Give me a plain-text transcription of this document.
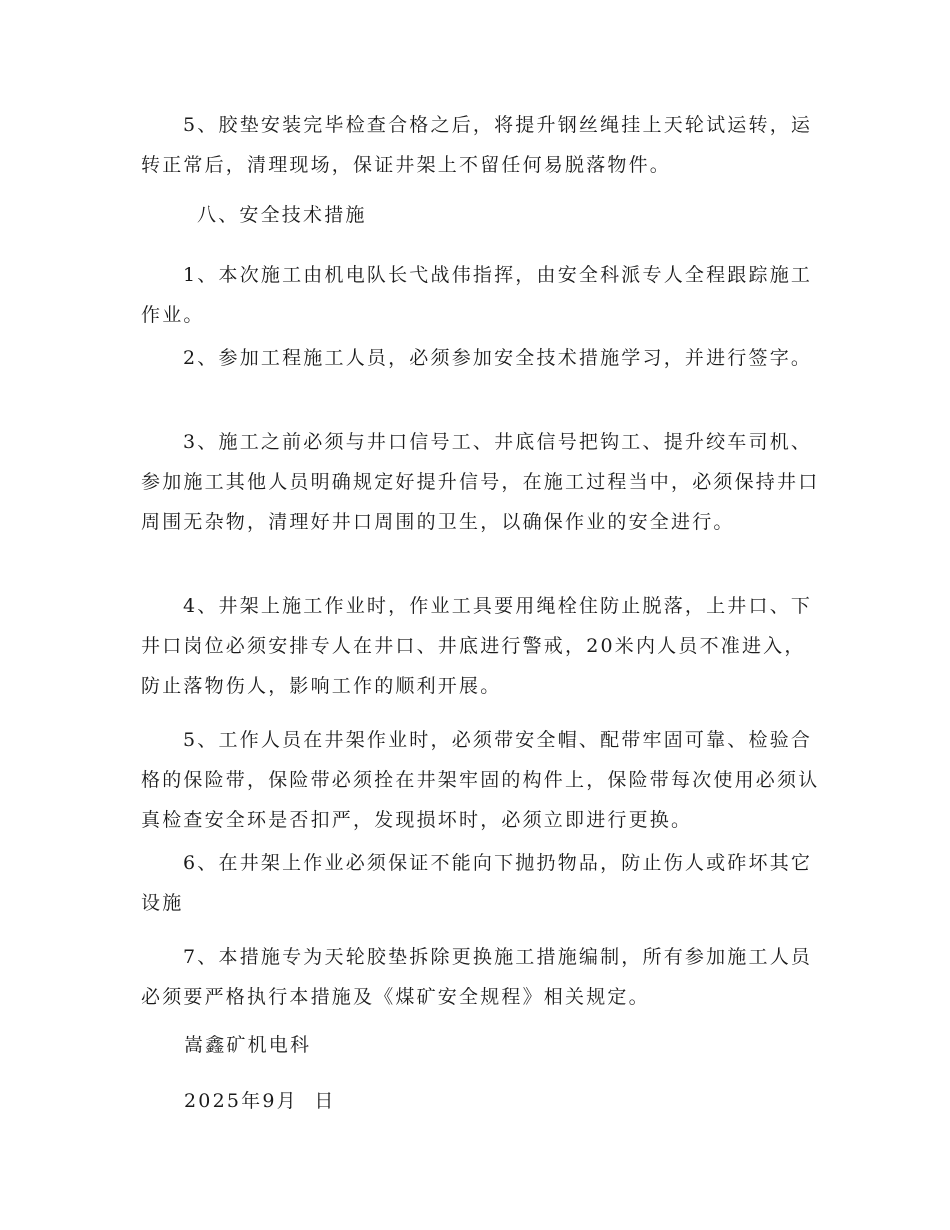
5、胶垫安装完毕检查合格之后，将提升钢丝绳挂上天轮试运转，运转正常后，清理现场，保证井架上不留任何易脱落物件。

八、安全技术措施

1、本次施工由机电队长弋战伟指挥，由安全科派专人全程跟踪施工作业。

2、参加工程施工人员，必须参加安全技术措施学习，并进行签字。

3、施工之前必须与井口信号工、井底信号把钩工、提升绞车司机、参加施工其他人员明确规定好提升信号，在施工过程当中，必须保持井口周围无杂物，清理好井口周围的卫生，以确保作业的安全进行。

4、井架上施工作业时，作业工具要用绳栓住防止脱落，上井口、下井口岗位必须安排专人在井口、井底进行警戒，20米内人员不准进入，防止落物伤人，影响工作的顺利开展。

5、工作人员在井架作业时，必须带安全帽、配带牢固可靠、检验合格的保险带，保险带必须拴在井架牢固的构件上，保险带每次使用必须认真检查安全环是否扣严，发现损坏时，必须立即进行更换。

6、在井架上作业必须保证不能向下抛扔物品，防止伤人或砟坏其它设施

7、本措施专为天轮胶垫拆除更换施工措施编制，所有参加施工人员必须要严格执行本措施及《煤矿安全规程》相关规定。

嵩鑫矿机电科

2025年9月  日
